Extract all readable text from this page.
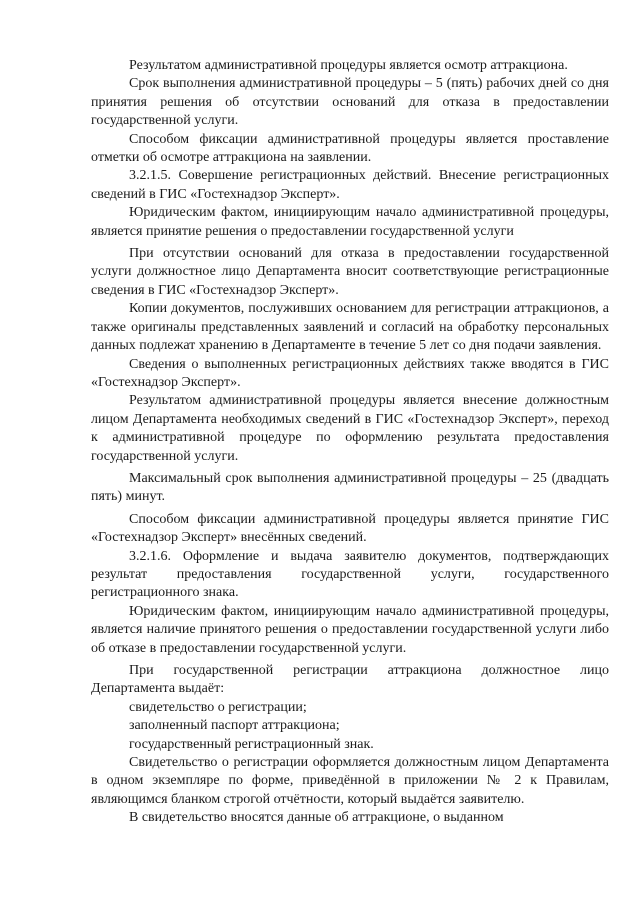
Результатом административной процедуры является осмотр аттракциона.

Срок выполнения административной процедуры – 5 (пять) рабочих дней со дня принятия решения об отсутствии оснований для отказа в предоставлении государственной услуги.

Способом фиксации административной процедуры является проставление отметки об осмотре аттракциона на заявлении.

3.2.1.5. Совершение регистрационных действий. Внесение регистрационных сведений в ГИС «Гостехнадзор Эксперт».

Юридическим фактом, инициирующим начало административной процедуры, является принятие решения о предоставлении государственной услуги

При отсутствии оснований для отказа в предоставлении государственной услуги должностное лицо Департамента вносит соответствующие регистрационные сведения в ГИС «Гостехнадзор Эксперт».

Копии документов, послуживших основанием для регистрации аттракционов, а также оригиналы представленных заявлений и согласий на обработку персональных данных подлежат хранению в Департаменте в течение 5 лет со дня подачи заявления.

Сведения о выполненных регистрационных действиях также вводятся в ГИС «Гостехнадзор Эксперт».

Результатом административной процедуры является внесение должностным лицом Департамента необходимых сведений в ГИС «Гостехнадзор Эксперт», переход к административной процедуре по оформлению результата предоставления государственной услуги.

Максимальный срок выполнения административной процедуры – 25 (двадцать пять) минут.

Способом фиксации административной процедуры является принятие ГИС «Гостехнадзор Эксперт» внесённых сведений.

3.2.1.6. Оформление и выдача заявителю документов, подтверждающих результат предоставления государственной услуги, государственного регистрационного знака.

Юридическим фактом, инициирующим начало административной процедуры, является наличие принятого решения о предоставлении государственной услуги либо об отказе в предоставлении государственной услуги.

При государственной регистрации аттракциона должностное лицо Департамента выдаёт:

свидетельство о регистрации;

заполненный паспорт аттракциона;

государственный регистрационный знак.

Свидетельство о регистрации оформляется должностным лицом Департамента в одном экземпляре по форме, приведённой в приложении № 2 к Правилам, являющимся бланком строгой отчётности, который выдаётся заявителю.

В свидетельство вносятся данные об аттракционе, о выданном
